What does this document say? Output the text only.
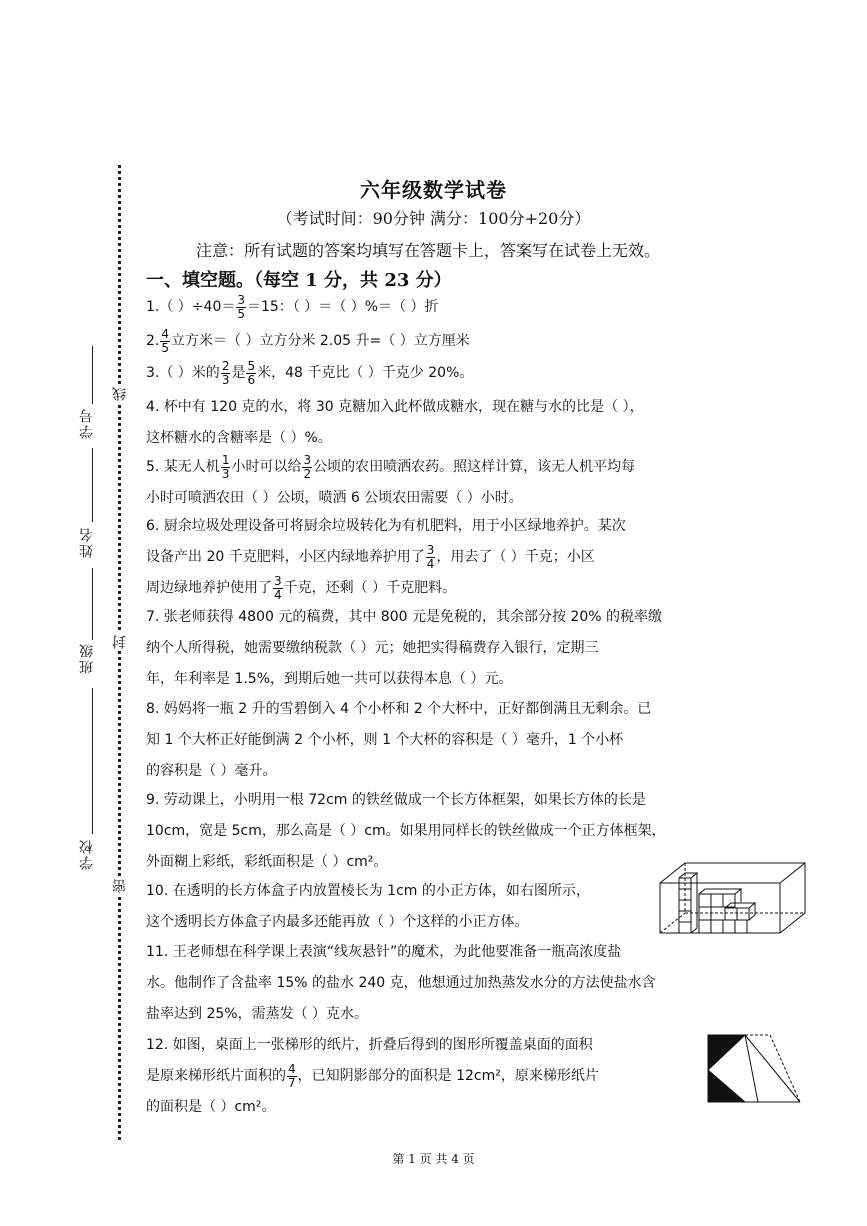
线
封
密
学号
姓名
班级
学校
六年级数学试卷
（考试时间：90分钟 满分：100分+20分）
注意：所有试题的答案均填写在答题卡上，答案写在试卷上无效。
一、填空题。（每空 1 分，共 23 分）
1.（ ）$\div 40= \frac{3}{5} =15$：（ ）＝（ ）%＝（ ）折
2. $\frac{4}{5}$ 立方米＝（ ）立方分米 2.05 升=（ ）立方厘米
3.（ ）米的 $\frac{2}{3}$ 是 $\frac{5}{6}$ 米，48 千克比（ ）千克少 20%。
4. 杯中有 120 克的水，将 30 克糖加入此杯做成糖水，现在糖与水的比是（ ），
这杯糖水的含糖率是（ ）%。
5. 某无人机 $\frac{1}{3}$ 小时可以给 $\frac{3}{2}$ 公顷的农田喷洒农药。照这样计算，该无人机平均每
小时可喷洒农田（ ）公顷，喷洒 6 公顷农田需要（ ）小时。
6. 厨余垃圾处理设备可将厨余垃圾转化为有机肥料，用于小区绿地养护。某次
设备产出 20 千克肥料，小区内绿地养护用了 $\frac{3}{4}$ ，用去了（ ）千克；小区
周边绿地养护使用了 $\frac{3}{4}$ 千克，还剩（ ）千克肥料。
7. 张老师获得 4800 元的稿费，其中 800 元是免税的，其余部分按 20% 的税率缴
纳个人所得税，她需要缴纳税款（ ）元；她把实得稿费存入银行，定期三
年，年利率是 1.5%，到期后她一共可以获得本息（ ）元。
8. 妈妈将一瓶 2 升的雪碧倒入 4 个小杯和 2 个大杯中，正好都倒满且无剩余。已
知 1 个大杯正好能倒满 2 个小杯，则 1 个大杯的容积是（ ）毫升，1 个小杯
的容积是（ ）毫升。
9. 劳动课上，小明用一根 72cm 的铁丝做成一个长方体框架，如果长方体的长是
10cm，宽是 5cm，那么高是（ ）cm。如果用同样长的铁丝做成一个正方体框架，
外面糊上彩纸，彩纸面积是（ ）cm²。
10. 在透明的长方体盒子内放置棱长为 1cm 的小正方体，如右图所示，
这个透明长方体盒子内最多还能再放（ ）个这样的小正方体。
11. 王老师想在科学课上表演“线灰悬针”的魔术，为此他要准备一瓶高浓度盐
水。他制作了含盐率 15% 的盐水 240 克，他想通过加热蒸发水分的方法使盐水含
盐率达到 25%，需蒸发（ ）克水。
12. 如图，桌面上一张梯形的纸片，折叠后得到的图形所覆盖桌面的面积
是原来梯形纸片面积的 $\frac{4}{7}$ ，已知阴影部分的面积是 12cm²，原来梯形纸片
的面积是（ ）cm²。
第 1 页 共 4 页
